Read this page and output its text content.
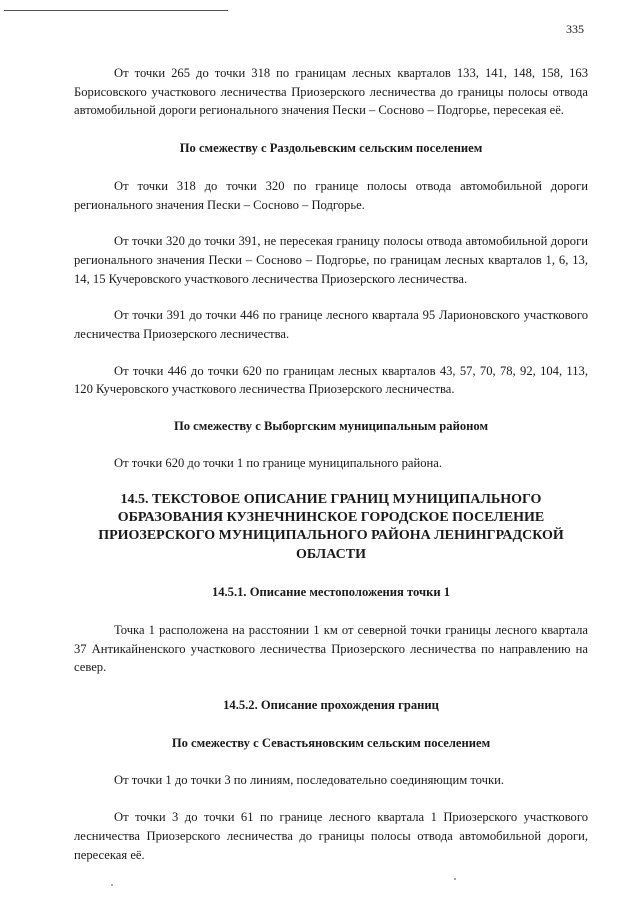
335

От точки 265 до точки 318 по границам лесных кварталов 133, 141, 148, 158, 163 Борисовского участкового лесничества Приозерского лесничества до границы полосы отвода автомобильной дороги регионального значения Пески – Сосново – Подгорье, пересекая её.

По смежеству с Раздольевским сельским поселением

От точки 318 до точки 320 по границе полосы отвода автомобильной дороги регионального значения Пески – Сосново – Подгорье.

От точки 320 до точки 391, не пересекая границу полосы отвода автомобильной дороги регионального значения Пески – Сосново – Подгорье, по границам лесных кварталов 1, 6, 13, 14, 15 Кучеровского участкового лесничества Приозерского лесничества.

От точки 391 до точки 446 по границе лесного квартала 95 Ларионовского участкового лесничества Приозерского лесничества.

От точки 446 до точки 620 по границам лесных кварталов 43, 57, 70, 78, 92, 104, 113, 120 Кучеровского участкового лесничества Приозерского лесничества.

По смежеству с Выборгским муниципальным районом

От точки 620 до точки 1 по границе муниципального района.

14.5. ТЕКСТОВОЕ ОПИСАНИЕ ГРАНИЦ МУНИЦИПАЛЬНОГО ОБРАЗОВАНИЯ КУЗНЕЧНИНСКОЕ ГОРОДСКОЕ ПОСЕЛЕНИЕ ПРИОЗЕРСКОГО МУНИЦИПАЛЬНОГО РАЙОНА ЛЕНИНГРАДСКОЙ ОБЛАСТИ

14.5.1. Описание местоположения точки 1

Точка 1 расположена на расстоянии 1 км от северной точки границы лесного квартала 37 Антикайненского участкового лесничества Приозерского лесничества по направлению на север.

14.5.2. Описание прохождения границ

По смежеству с Севастьяновским сельским поселением

От точки 1 до точки 3 по линиям, последовательно соединяющим точки.

От точки 3 до точки 61 по границе лесного квартала 1 Приозерского участкового лесничества Приозерского лесничества до границы полосы отвода автомобильной дороги, пересекая её.
